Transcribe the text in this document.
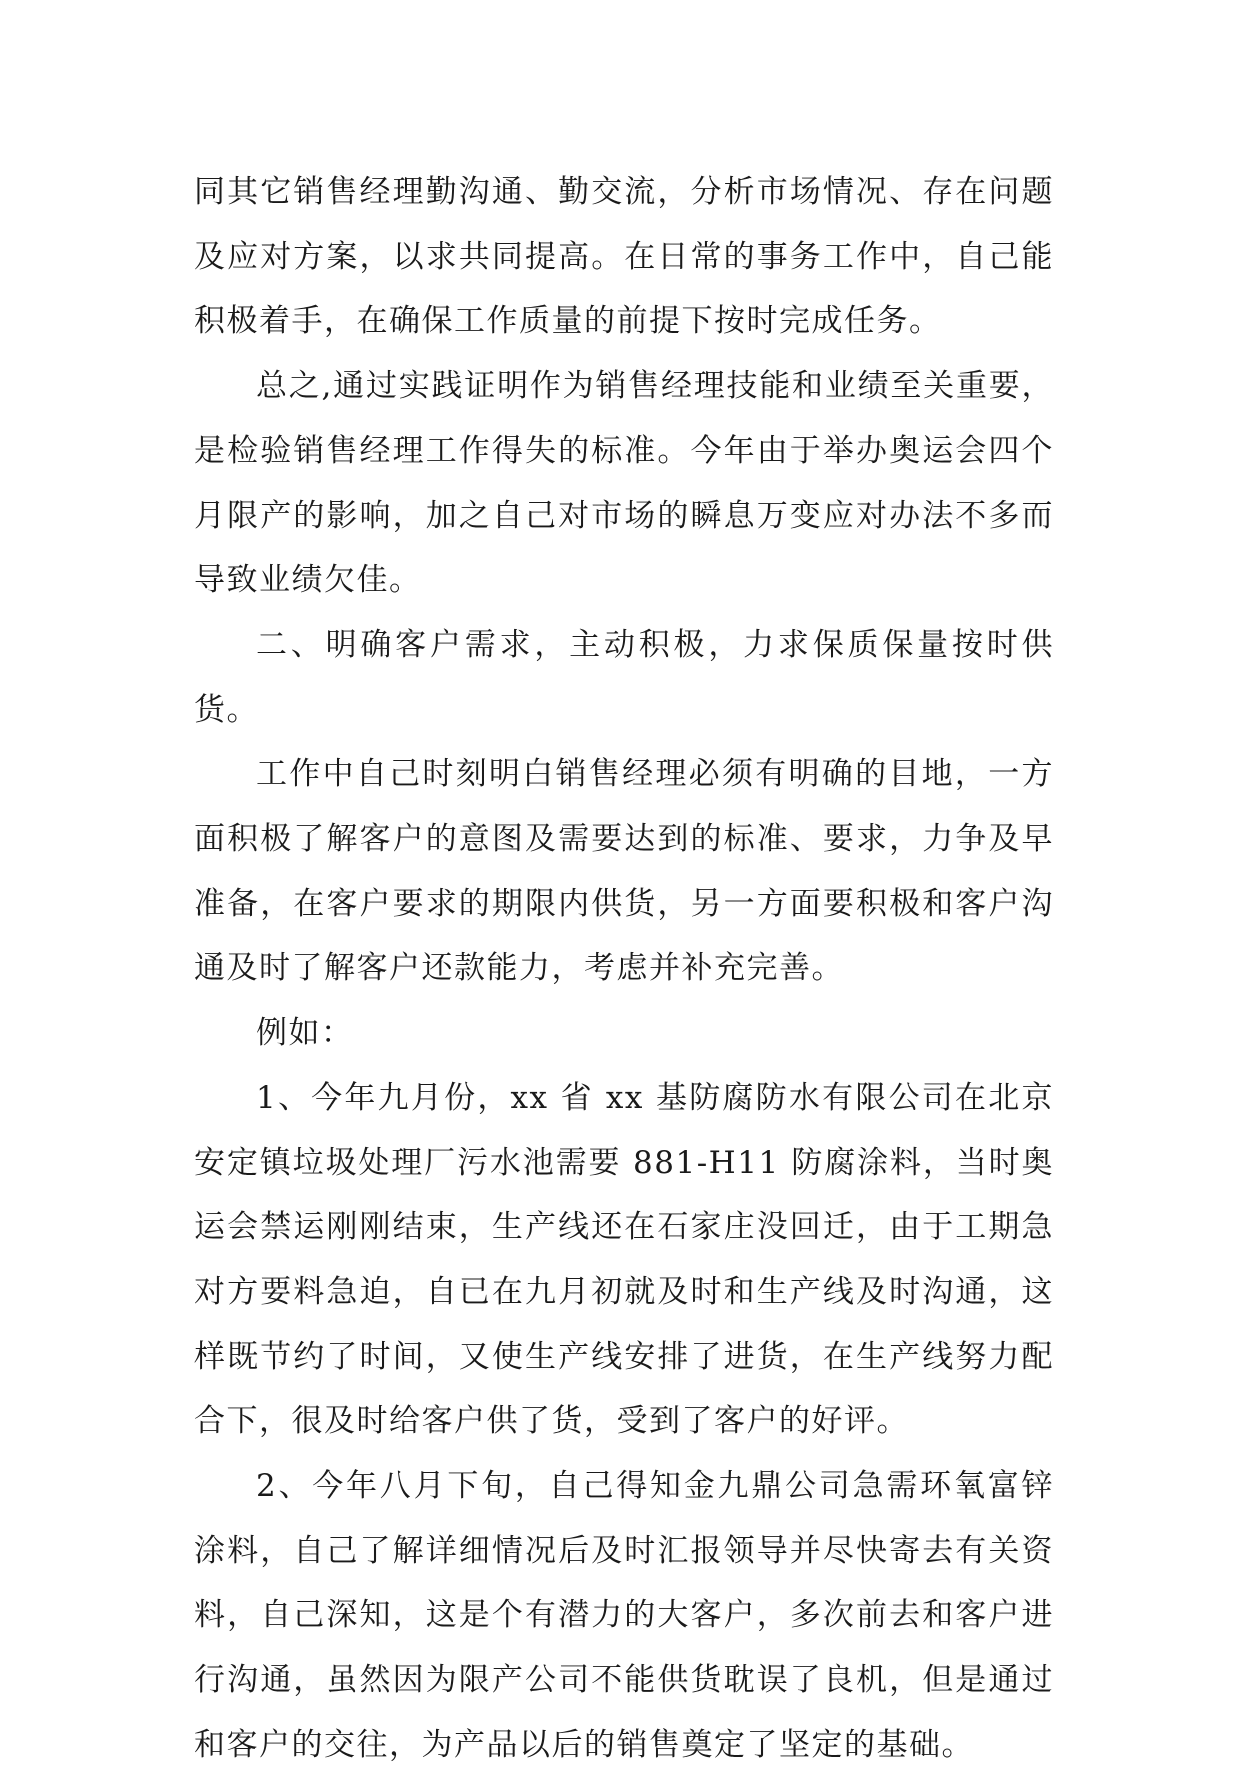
同其它销售经理勤沟通、勤交流，分析市场情况、存在问题及应对方案，以求共同提高。在日常的事务工作中，自己能积极着手，在确保工作质量的前提下按时完成任务。

总之,通过实践证明作为销售经理技能和业绩至关重要，是检验销售经理工作得失的标准。今年由于举办奥运会四个月限产的影响，加之自己对市场的瞬息万变应对办法不多而导致业绩欠佳。

二、明确客户需求，主动积极，力求保质保量按时供货。

工作中自己时刻明白销售经理必须有明确的目地，一方面积极了解客户的意图及需要达到的标准、要求，力争及早准备，在客户要求的期限内供货，另一方面要积极和客户沟通及时了解客户还款能力，考虑并补充完善。

例如：

1、今年九月份，xx 省 xx 基防腐防水有限公司在北京安定镇垃圾处理厂污水池需要 881-H11 防腐涂料，当时奥运会禁运刚刚结束，生产线还在石家庄没回迁，由于工期急对方要料急迫，自已在九月初就及时和生产线及时沟通，这样既节约了时间，又使生产线安排了进货，在生产线努力配合下，很及时给客户供了货，受到了客户的好评。

2、今年八月下旬，自己得知金九鼎公司急需环氧富锌涂料，自己了解详细情况后及时汇报领导并尽快寄去有关资料，自己深知，这是个有潜力的大客户，多次前去和客户进行沟通，虽然因为限产公司不能供货耽误了良机，但是通过和客户的交往，为产品以后的销售奠定了坚定的基础。
